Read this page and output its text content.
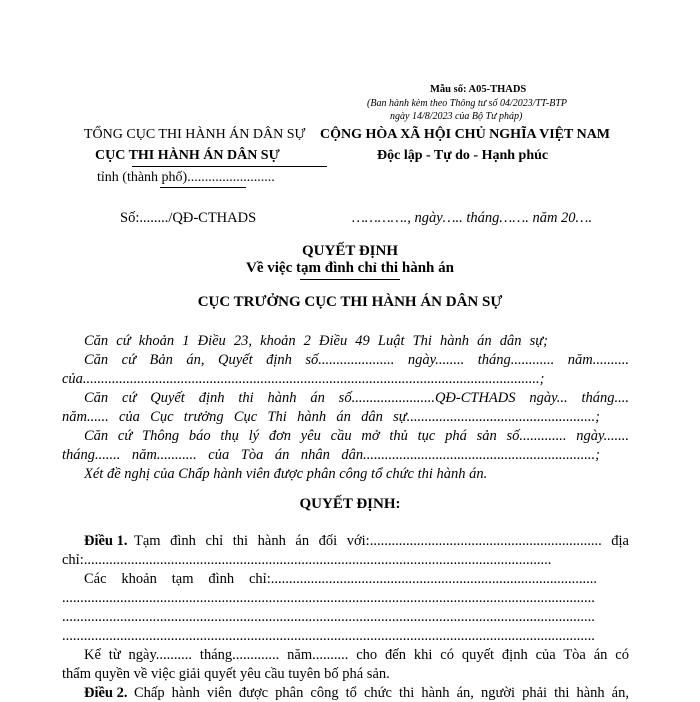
Mẫu số: A05-THADS
(Ban hành kèm theo Thông tư số 04/2023/TT-BTP
ngày 14/8/2023 của Bộ Tư pháp)
TỔNG CỤC THI HÀNH ÁN DÂN SỰ
CỤC THI HÀNH ÁN DÂN SỰ
tỉnh (thành phố).........................
CỘNG HÒA XÃ HỘI CHỦ NGHĨA VIỆT NAM
Độc lập - Tự do - Hạnh phúc
Số:......../QĐ-CTHADS	…………., ngày….. tháng……. năm 20….
QUYẾT ĐỊNH
Về việc tạm đình chỉ thi hành án
CỤC TRƯỞNG CỤC THI HÀNH ÁN DÂN SỰ
Căn cứ khoản 1 Điều 23, khoản 2 Điều 49 Luật Thi hành án dân sự;
Căn cứ Bản án, Quyết định số..................... ngày........ tháng............ năm..........
của..............................................................................................................................;
Căn cứ Quyết định thi hành án số.......................QĐ-CTHADS ngày... tháng....
năm...... của Cục trưởng Cục Thi hành án dân sự....................................................;
Căn cứ Thông báo thụ lý đơn yêu cầu mở thủ tục phá sản số............. ngày.......
tháng....... năm........... của Tòa án nhân dân................................................................;
Xét đề nghị của Chấp hành viên được phân công tổ chức thi hành án.
QUYẾT ĐỊNH:
Điều 1. Tạm đình chỉ thi hành án đối với:................................................................ địa
chỉ:.................................................................................................................................
Các khoản tạm đình chỉ:..........................................................................................
...................................................................................................................................................
...................................................................................................................................................
...................................................................................................................................................
Kể từ ngày.......... tháng............. năm.......... cho đến khi có quyết định của Tòa án có
thẩm quyền về việc giải quyết yêu cầu tuyên bố phá sản.
Điều 2. Chấp hành viên được phân công tổ chức thi hành án, người phải thi hành án,
